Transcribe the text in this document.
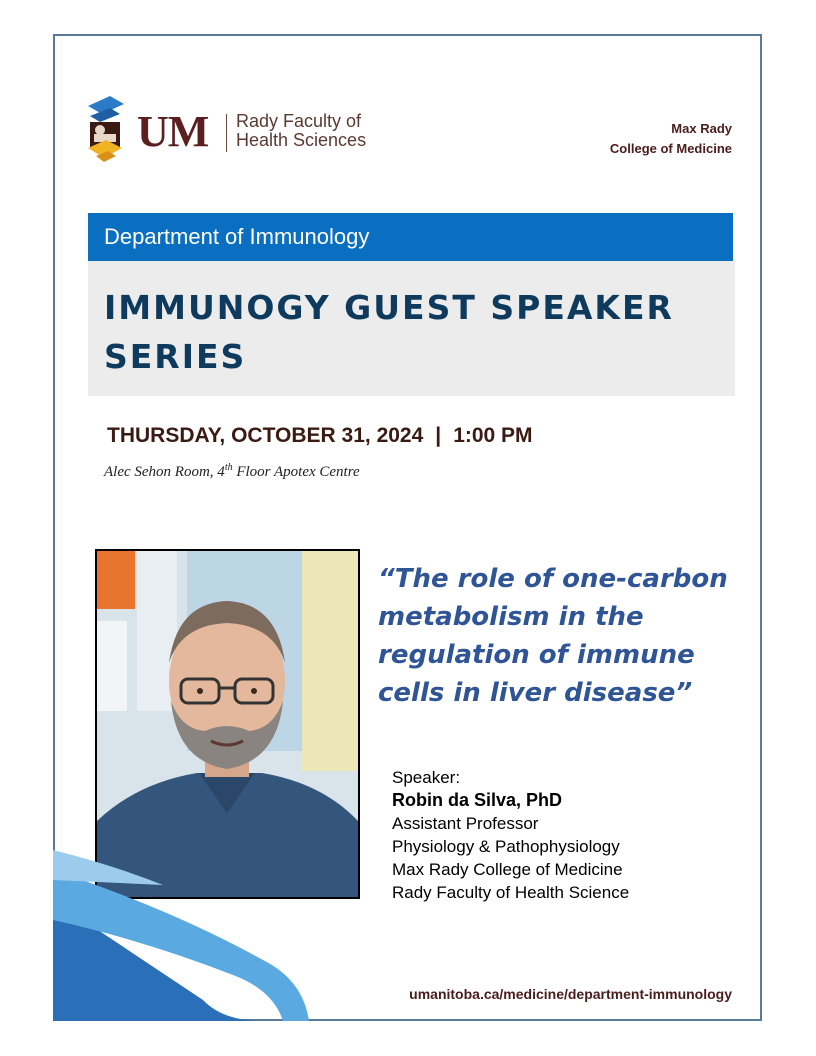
UM Rady Faculty of
Health Sciences
Max Rady
College of Medicine
Department of Immunology
IMMUNOGY GUEST SPEAKER SERIES
THURSDAY, OCTOBER 31, 2024 | 1:00 PM
Alec Sehon Room, 4th Floor Apotex Centre
“The role of one-carbon metabolism in the regulation of immune cells in liver disease”
Speaker:
Robin da Silva, PhD
Assistant Professor
Physiology & Pathophysiology
Max Rady College of Medicine
Rady Faculty of Health Science
umanitoba.ca/medicine/department-immunology
